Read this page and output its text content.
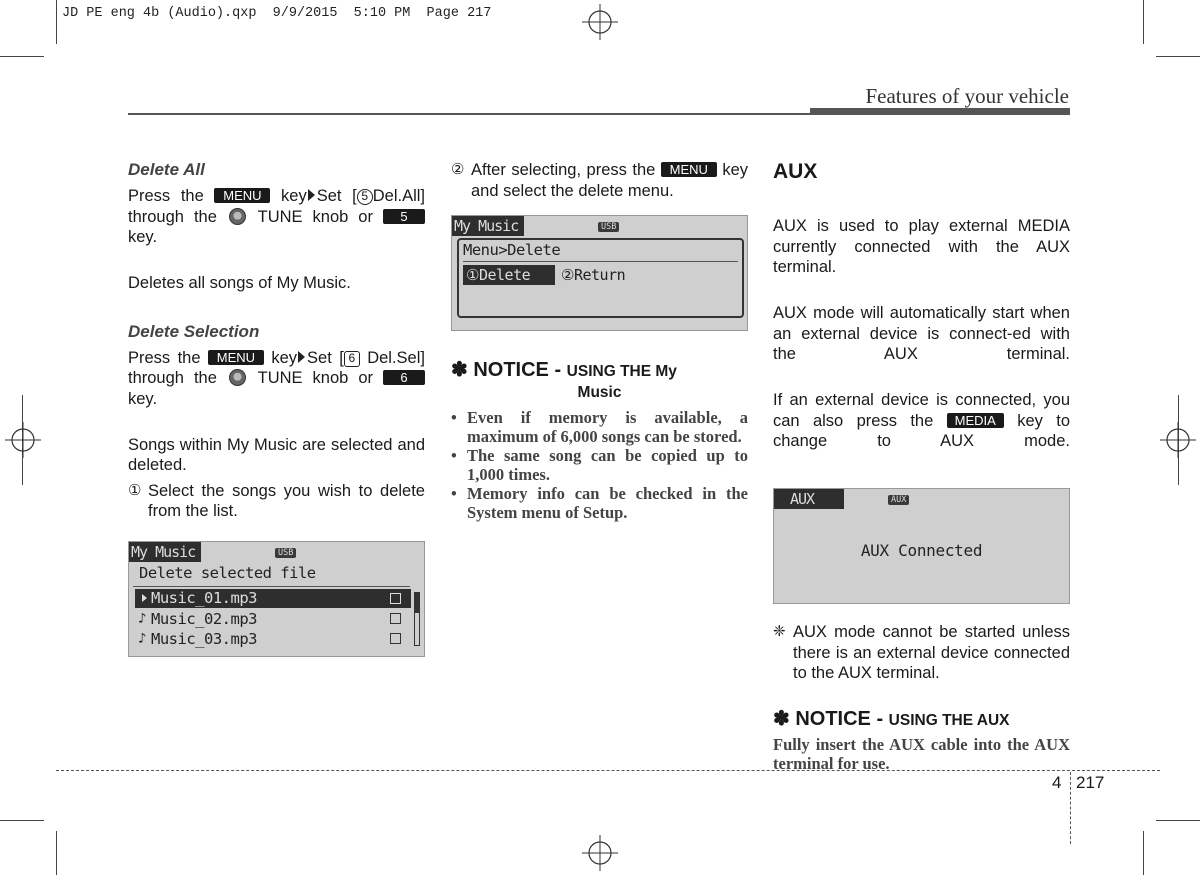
JD PE eng 4b (Audio).qxp  9/9/2015  5:10 PM  Page 217
Features of your vehicle
Delete All
Press the MENU key Set [ 5 Del.All] through the TUNE knob or 5 key.
Deletes all songs of My Music.
Delete Selection
Press the MENU key Set [ 6 Del.Sel] through the TUNE knob or 6 key.
Songs within My Music are selected and deleted.
① Select the songs you wish to delete from the list.
My Music	USB
Delete selected file
Music_01.mp3
♪ Music_02.mp3
♪ Music_03.mp3
② After selecting, press the MENU key and select the delete menu.
My Music	USB
Menu>Delete
①Delete	②Return
✽ NOTICE - USING THE My
Music
• Even if memory is available, a maximum of 6,000 songs can be stored.
• The same song can be copied up to 1,000 times.
• Memory info can be checked in the System menu of Setup.
AUX
AUX is used to play external MEDIA currently connected with the AUX terminal.
AUX mode will automatically start when an external device is connect-ed with the AUX terminal.
If an external device is connected, you can also press the MEDIA key to change to AUX mode.
AUX	AUX
AUX Connected
❈ AUX mode cannot be started unless there is an external device connected to the AUX terminal.
✽ NOTICE - USING THE AUX
Fully insert the AUX cable into the AUX terminal for use.
4 217
